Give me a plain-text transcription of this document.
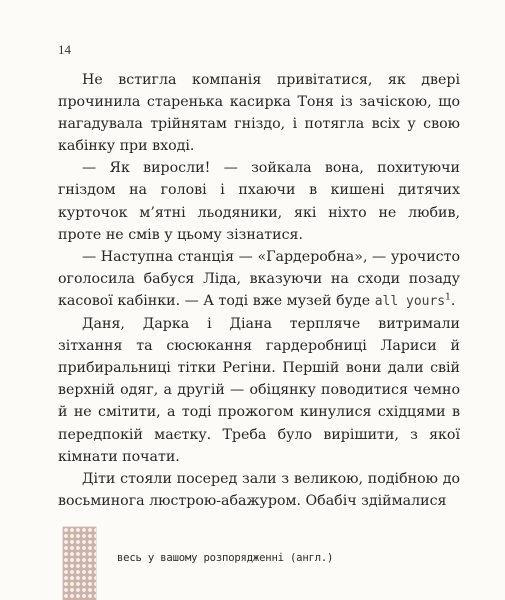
14

Не встигла компанія привітатися, як двері прочинила старенька касирка Тоня із зачіскою, що нагадувала трійнятам гніздо, і потягла всіх у свою кабінку при вході.

— Як виросли! — зойкала вона, похитуючи гніздом на голові і пхаючи в кишені дитячих курточок м’ятні льодяники, які ніхто не любив, проте не смів у цьому зізнатися.

— Наступна станція — «Гардеробна», — урочисто оголосила бабуся Ліда, вказуючи на сходи позаду касової кабінки. — А тоді вже музей буде all yours$^1$.

Даня, Дарка і Діана терпляче витримали зітхання та сюсюкання гардеробниці Лариси й прибиральниці тітки Регіни. Першій вони дали свій верхній одяг, а другій — обіцянку поводитися чемно й не смітити, а тоді прожогом кинулися східцями в передпокій маєтку. Треба було вирішити, з якої кімнати почати.

Діти стояли посеред зали з великою, подібною до восьминога люстрою-абажуром. Обабіч здіймалися

весь у вашому розпорядженні (англ.)
